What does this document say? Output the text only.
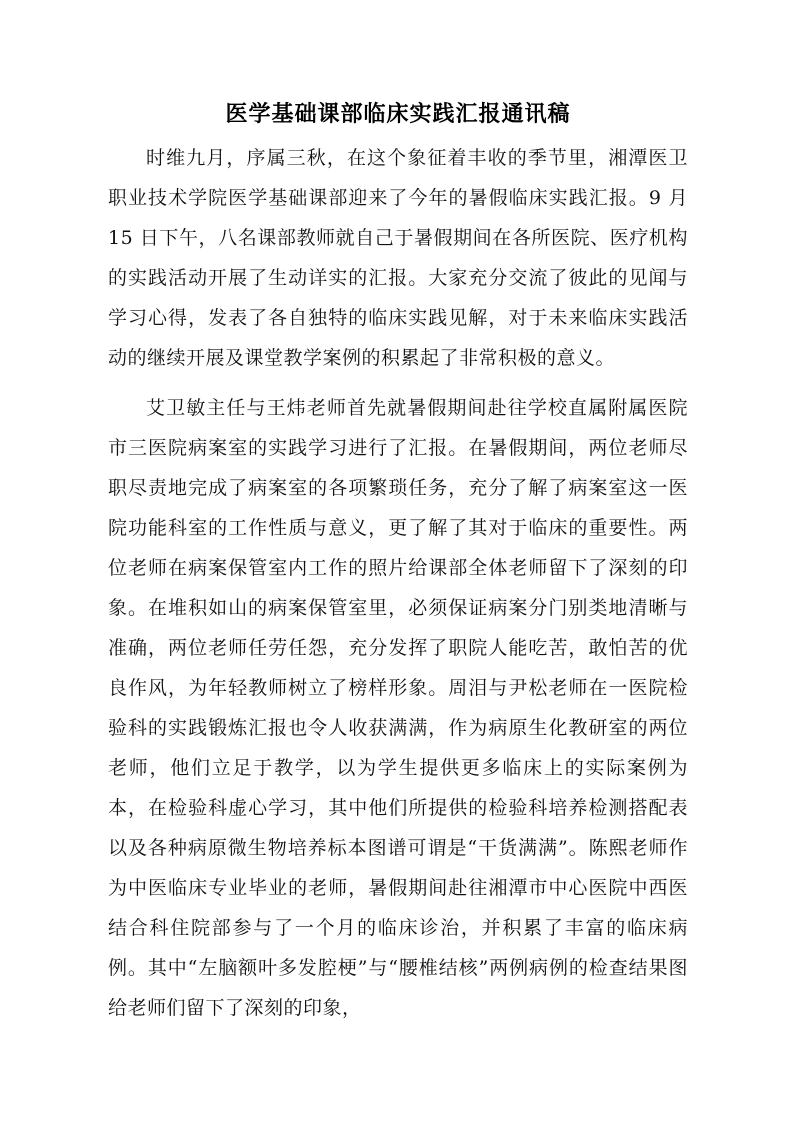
医学基础课部临床实践汇报通讯稿

时维九月，序属三秋，在这个象征着丰收的季节里，湘潭医卫职业技术学院医学基础课部迎来了今年的暑假临床实践汇报。9 月 15 日下午，八名课部教师就自己于暑假期间在各所医院、医疗机构的实践活动开展了生动详实的汇报。大家充分交流了彼此的见闻与学习心得，发表了各自独特的临床实践见解，对于未来临床实践活动的继续开展及课堂教学案例的积累起了非常积极的意义。

艾卫敏主任与王炜老师首先就暑假期间赴往学校直属附属医院市三医院病案室的实践学习进行了汇报。在暑假期间，两位老师尽职尽责地完成了病案室的各项繁琐任务，充分了解了病案室这一医院功能科室的工作性质与意义，更了解了其对于临床的重要性。两位老师在病案保管室内工作的照片给课部全体老师留下了深刻的印象。在堆积如山的病案保管室里，必须保证病案分门别类地清晰与准确，两位老师任劳任怨，充分发挥了职院人能吃苦，敢怕苦的优良作风，为年轻教师树立了榜样形象。周泪与尹松老师在一医院检验科的实践锻炼汇报也令人收获满满，作为病原生化教研室的两位老师，他们立足于教学，以为学生提供更多临床上的实际案例为本，在检验科虚心学习，其中他们所提供的检验科培养检测搭配表以及各种病原微生物培养标本图谱可谓是“干货满满”。陈熙老师作为中医临床专业毕业的老师，暑假期间赴往湘潭市中心医院中西医结合科住院部参与了一个月的临床诊治，并积累了丰富的临床病例。其中“左脑额叶多发腔梗”与“腰椎结核”两例病例的检查结果图给老师们留下了深刻的印象，
